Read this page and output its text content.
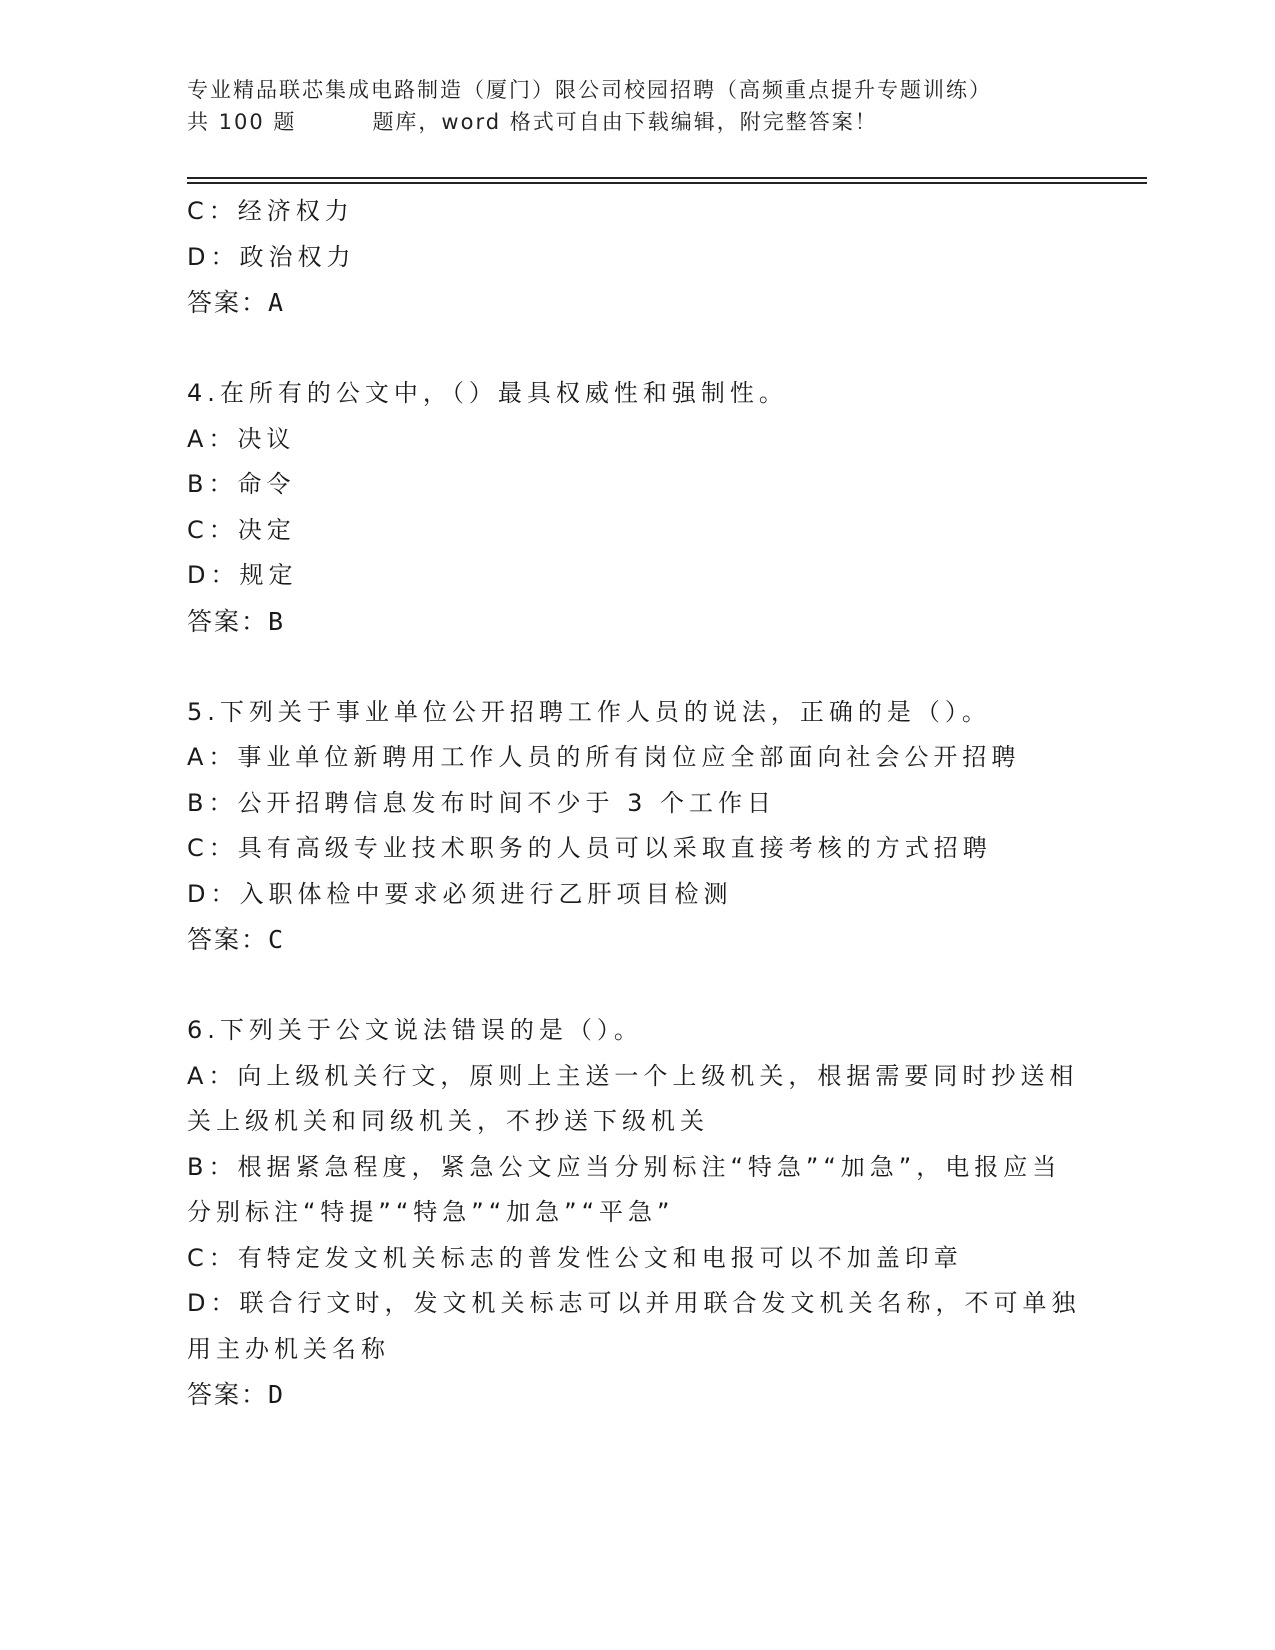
专业精品联芯集成电路制造（厦门）限公司校园招聘（高频重点提升专题训练）
共 100 题	题库，word 格式可自由下载编辑，附完整答案！
C：经济权力
D：政治权力
答案：A
4.在所有的公文中，（）最具权威性和强制性。
A：决议
B：命令
C：决定
D：规定
答案：B
5.下列关于事业单位公开招聘工作人员的说法，正确的是（）。
A：事业单位新聘用工作人员的所有岗位应全部面向社会公开招聘
B：公开招聘信息发布时间不少于 3 个工作日
C：具有高级专业技术职务的人员可以采取直接考核的方式招聘
D：入职体检中要求必须进行乙肝项目检测
答案：C
6.下列关于公文说法错误的是（）。
A：向上级机关行文，原则上主送一个上级机关，根据需要同时抄送相关上级机关和同级机关，不抄送下级机关
B：根据紧急程度，紧急公文应当分别标注“特急”“加急”，电报应当分别标注“特提”“特急”“加急”“平急”
C：有特定发文机关标志的普发性公文和电报可以不加盖印章
D：联合行文时，发文机关标志可以并用联合发文机关名称，不可单独用主办机关名称
答案：D
